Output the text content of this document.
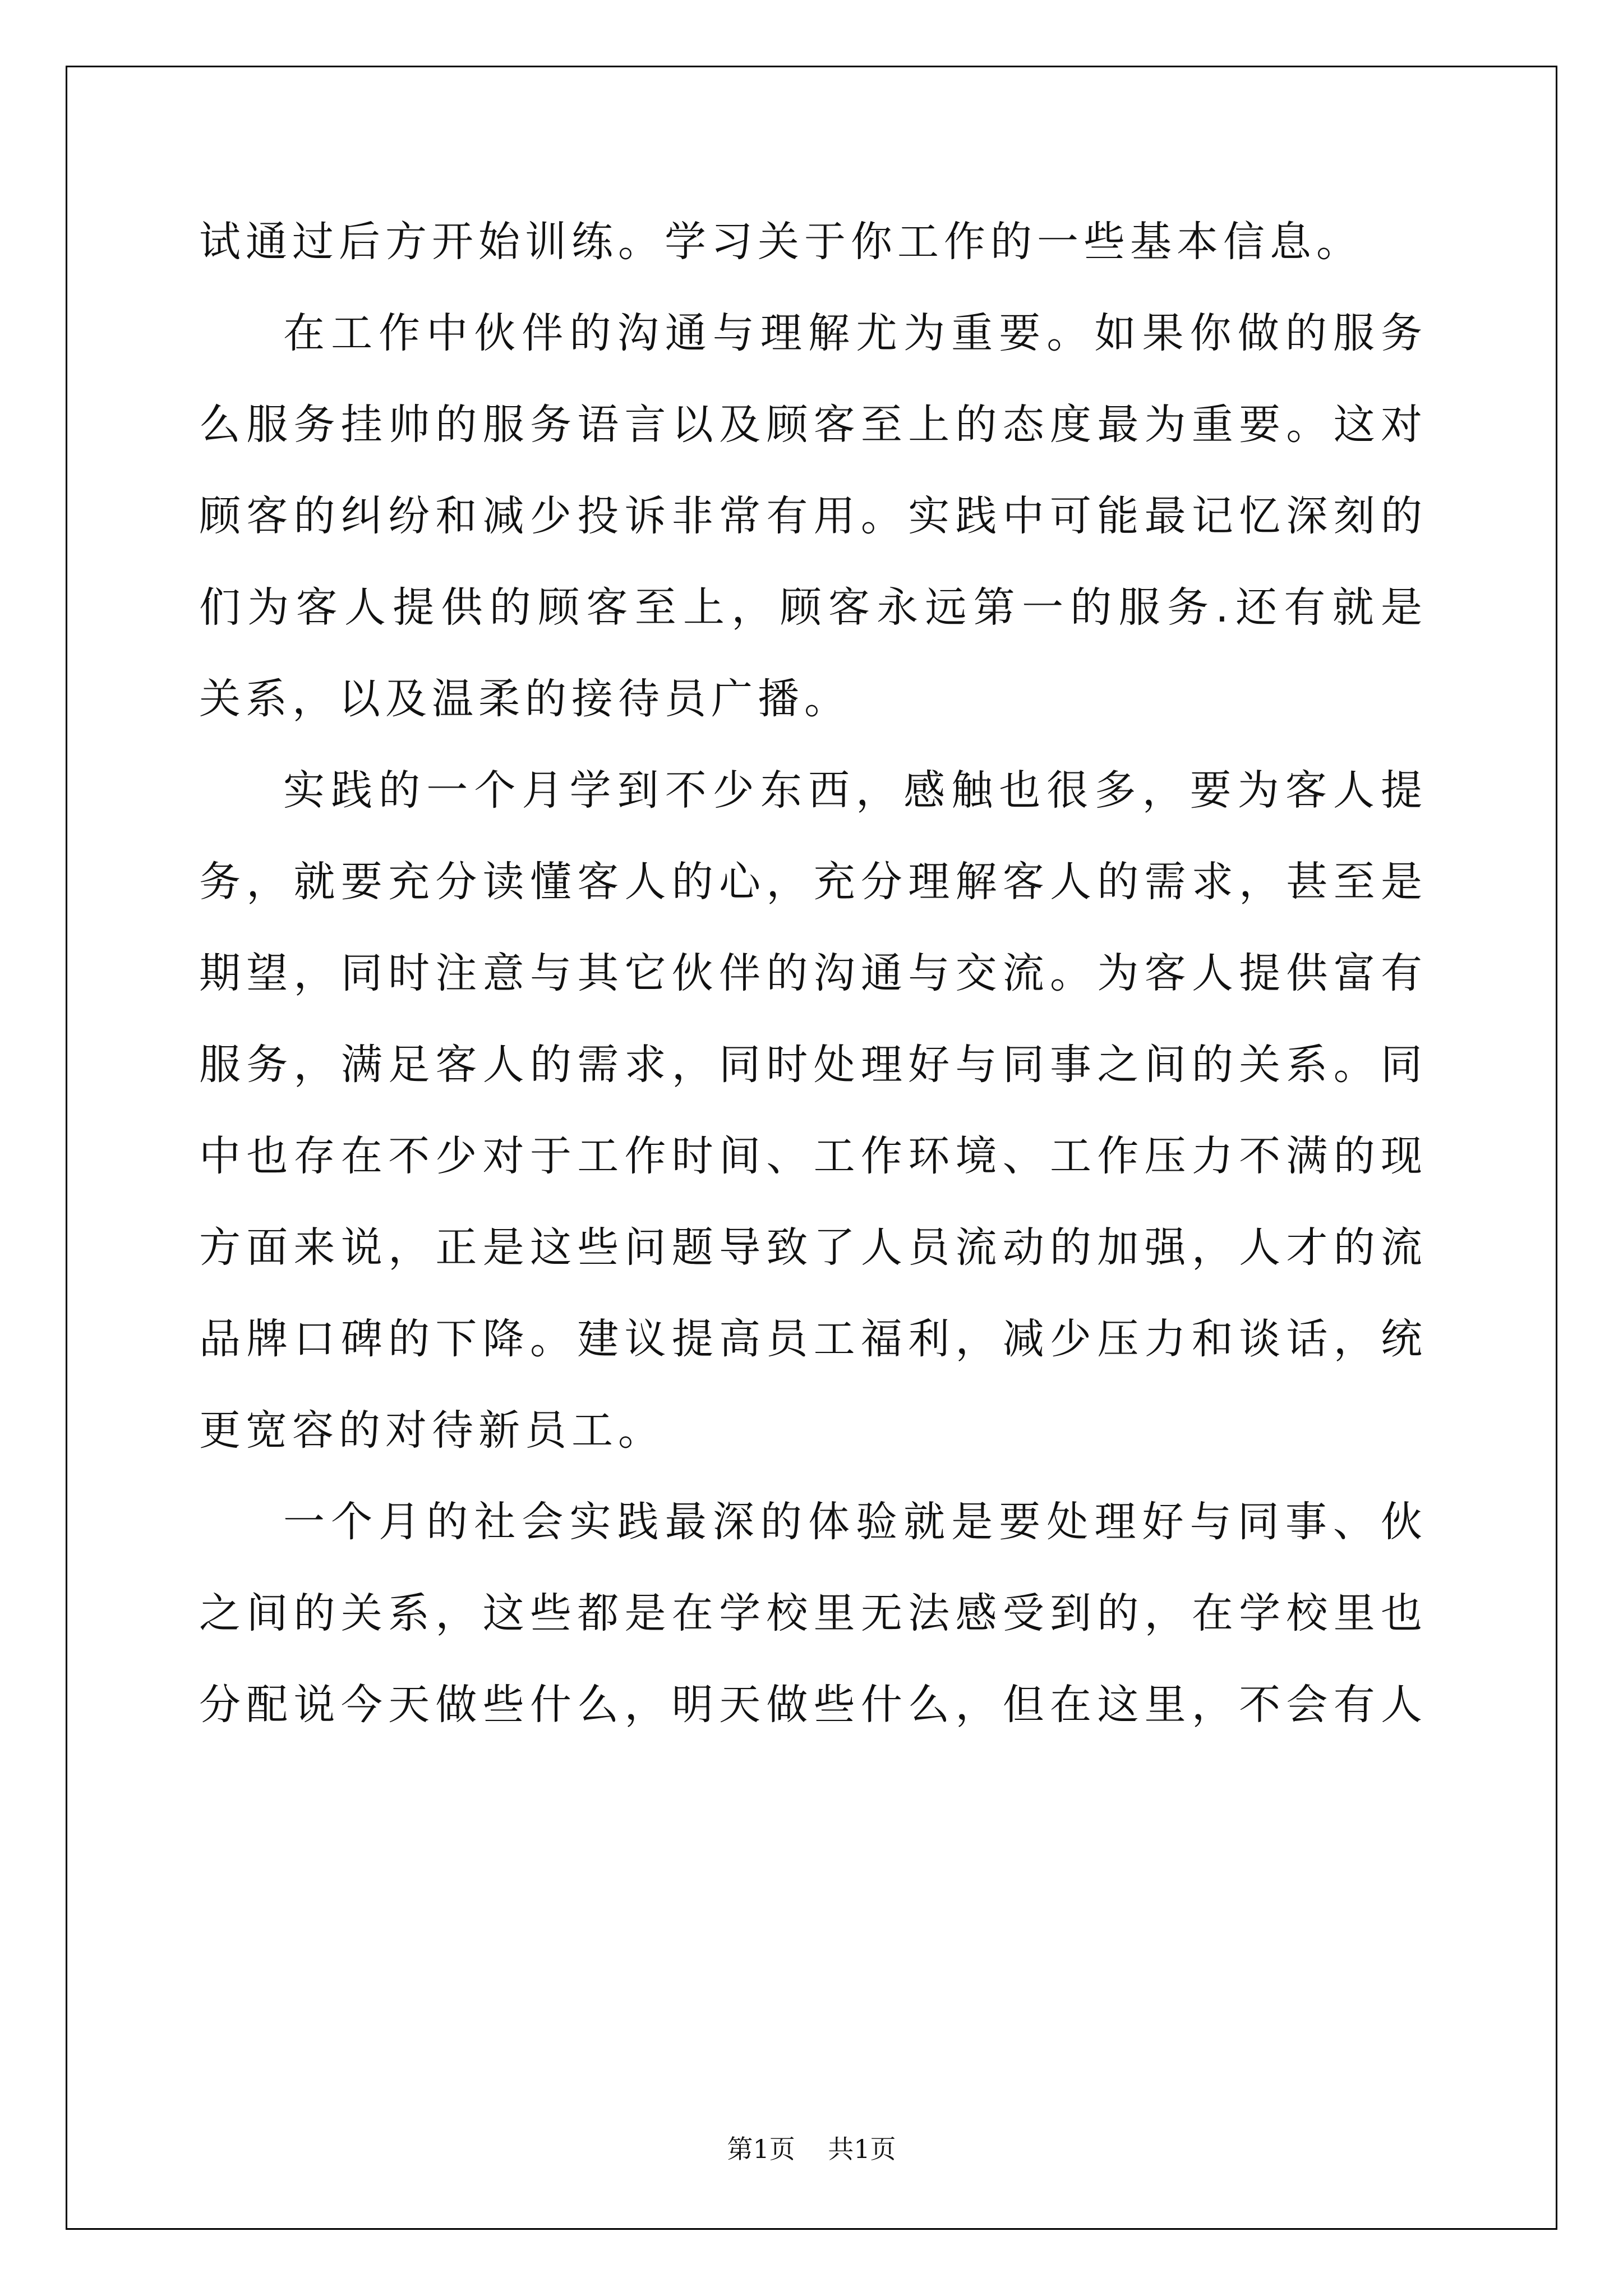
试通过后方开始训练。学习关于你工作的一些基本信息。
在工作中伙伴的沟通与理解尤为重要。如果你做的服务
么服务挂帅的服务语言以及顾客至上的态度最为重要。这对
顾客的纠纷和减少投诉非常有用。实践中可能最记忆深刻的
们为客人提供的顾客至上，顾客永远第一的服务.还有就是
关系，以及温柔的接待员广播。
实践的一个月学到不少东西，感触也很多，要为客人提
务，就要充分读懂客人的心，充分理解客人的需求，甚至是
期望，同时注意与其它伙伴的沟通与交流。为客人提供富有
服务，满足客人的需求，同时处理好与同事之间的关系。同
中也存在不少对于工作时间、工作环境、工作压力不满的现
方面来说，正是这些问题导致了人员流动的加强，人才的流
品牌口碑的下降。建议提高员工福利，减少压力和谈话，统
更宽容的对待新员工。
一个月的社会实践最深的体验就是要处理好与同事、伙
之间的关系，这些都是在学校里无法感受到的，在学校里也
分配说今天做些什么，明天做些什么，但在这里，不会有人
第1页    共1页
